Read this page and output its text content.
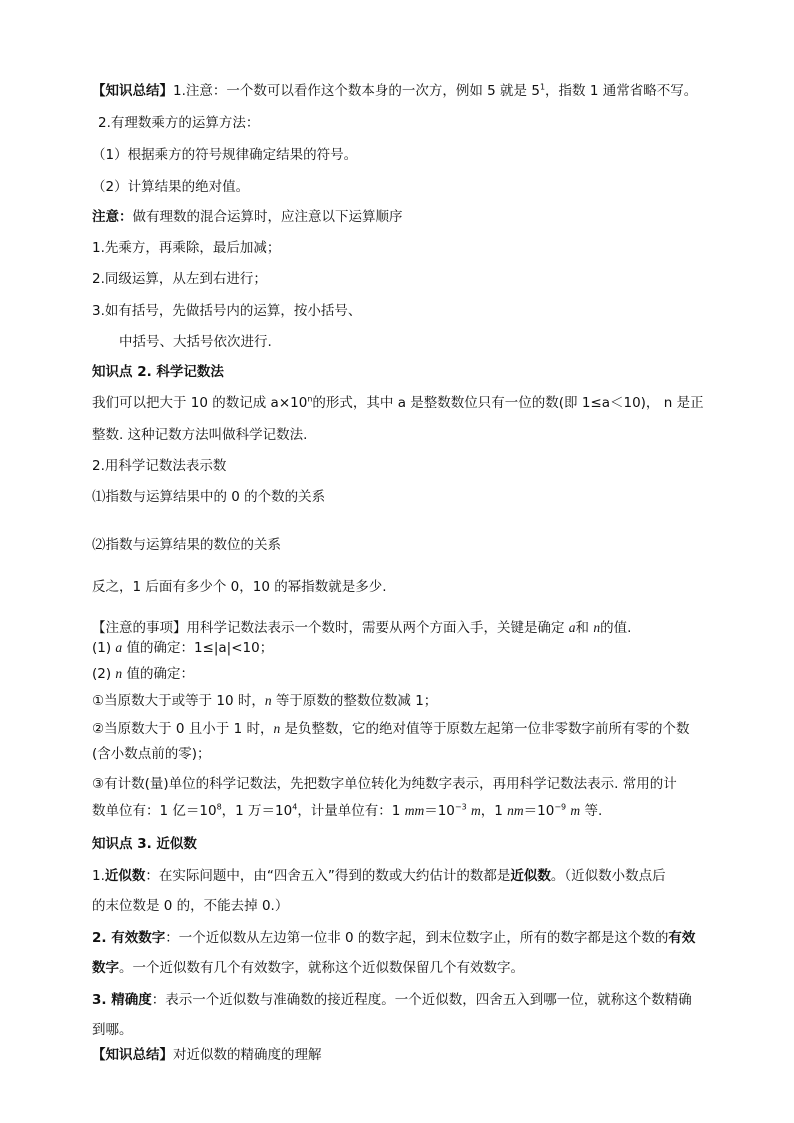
【知识总结】1.注意：一个数可以看作这个数本身的一次方，例如 5 就是 $5^1$，指数 1 通常省略不写。
2.有理数乘方的运算方法：
（1）根据乘方的符号规律确定结果的符号。
（2）计算结果的绝对值。
注意：做有理数的混合运算时，应注意以下运算顺序
1.先乘方，再乘除，最后加减；
2.同级运算，从左到右进行；
3.如有括号，先做括号内的运算，按小括号、
中括号、大括号依次进行.
知识点 2. 科学记数法
我们可以把大于 10 的数记成 $a\times 10^n$的形式，其中 a 是整数数位只有一位的数(即 1≤a＜10)， n 是正
整数. 这种记数方法叫做科学记数法.
2.用科学记数法表示数
⑴指数与运算结果中的 0 的个数的关系
⑵指数与运算结果的数位的关系
反之，1 后面有多少个 0，10 的幂指数就是多少.
【注意的事项】用科学记数法表示一个数时，需要从两个方面入手，关键是确定 a和 n的值.
(1) a 值的确定：1≤|a|<10；
(2) n 值的确定：
①当原数大于或等于 10 时，n 等于原数的整数位数减 1；
②当原数大于 0 且小于 1 时，n 是负整数，它的绝对值等于原数左起第一位非零数字前所有零的个数
(含小数点前的零)；
③有计数(量)单位的科学记数法，先把数字单位转化为纯数字表示，再用科学记数法表示. 常用的计
数单位有：1 亿$=10^8$，1 万$=10^4$，计量单位有：1 $mm=10^{-3}$ m，1 $nm=10^{-9}$ m 等.
知识点 3. 近似数
1.近似数：在实际问题中，由“四舍五入”得到的数或大约估计的数都是近似数。（近似数小数点后
的末位数是 0 的，不能去掉 0.）
2. 有效数字：一个近似数从左边第一位非 0 的数字起，到末位数字止，所有的数字都是这个数的有效
数字。一个近似数有几个有效数字，就称这个近似数保留几个有效数字。
3. 精确度：表示一个近似数与准确数的接近程度。一个近似数，四舍五入到哪一位，就称这个数精确
到哪。
【知识总结】对近似数的精确度的理解
